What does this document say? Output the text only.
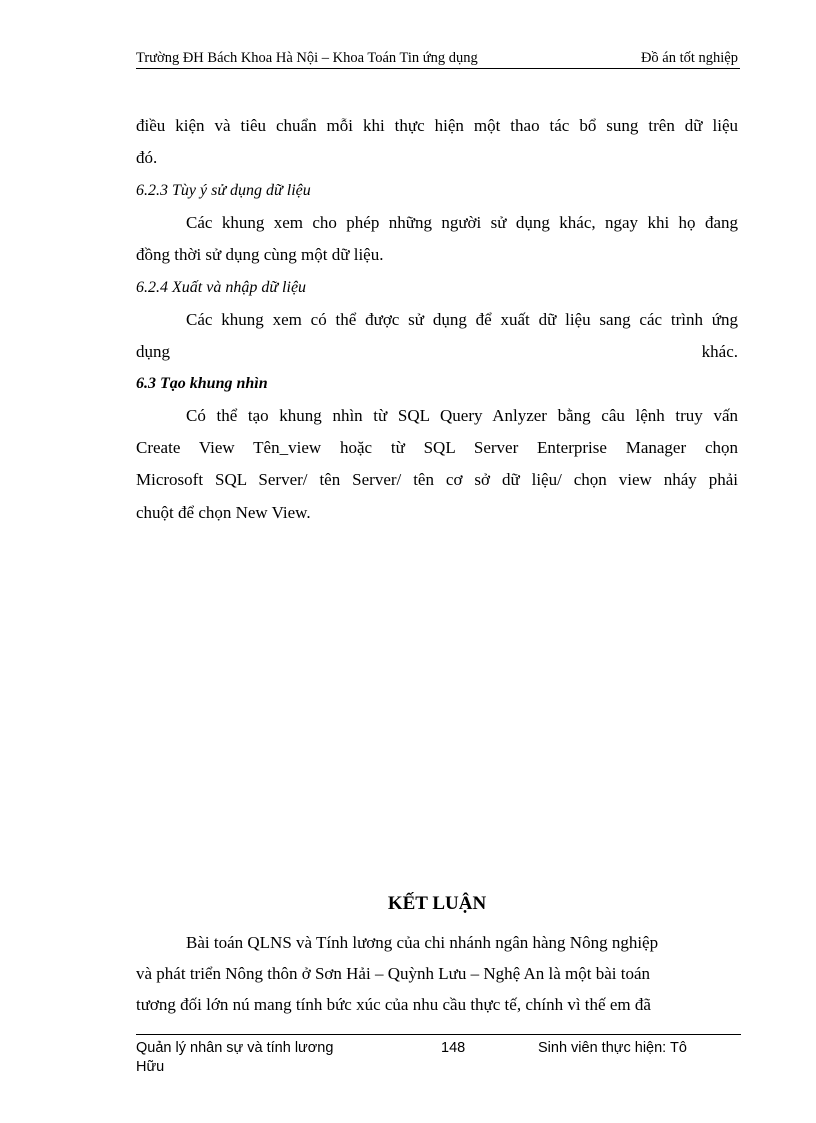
Trường ĐH Bách Khoa Hà Nội – Khoa Toán Tin ứng dụng	Đồ án tốt nghiệp
điều kiện và tiêu chuẩn mỗi khi thực hiện một thao tác bổ sung trên dữ liệu
đó.
6.2.3 Tùy ý sử dụng dữ liệu
Các khung xem cho phép những người sử dụng khác, ngay khi họ đang
đồng thời sử dụng cùng một dữ liệu.
6.2.4 Xuất và nhập dữ liệu
Các khung xem có thể được sử dụng để xuất dữ liệu sang các trình ứng
dụng	khác.
6.3 Tạo khung nhìn
Có thể tạo khung nhìn từ SQL Query Anlyzer bằng câu lệnh truy vấn
Create View Tên_view hoặc từ SQL Server Enterprise Manager chọn
Microsoft SQL Server/ tên Server/ tên cơ sở dữ liệu/ chọn view nháy phải
chuột để chọn New View.
KẾT LUẬN
Bài toán QLNS và Tính lương của chi nhánh ngân hàng Nông nghiệp
và phát triển Nông thôn ở Sơn Hải – Quỳnh Lưu – Nghệ An là một bài toán
tương đối lớn nú mang tính bức xúc của nhu cầu thực tế, chính vì thế em đã
Quản lý nhân sự và tính lương	148	Sinh viên thực hiện: Tô
Hữu
